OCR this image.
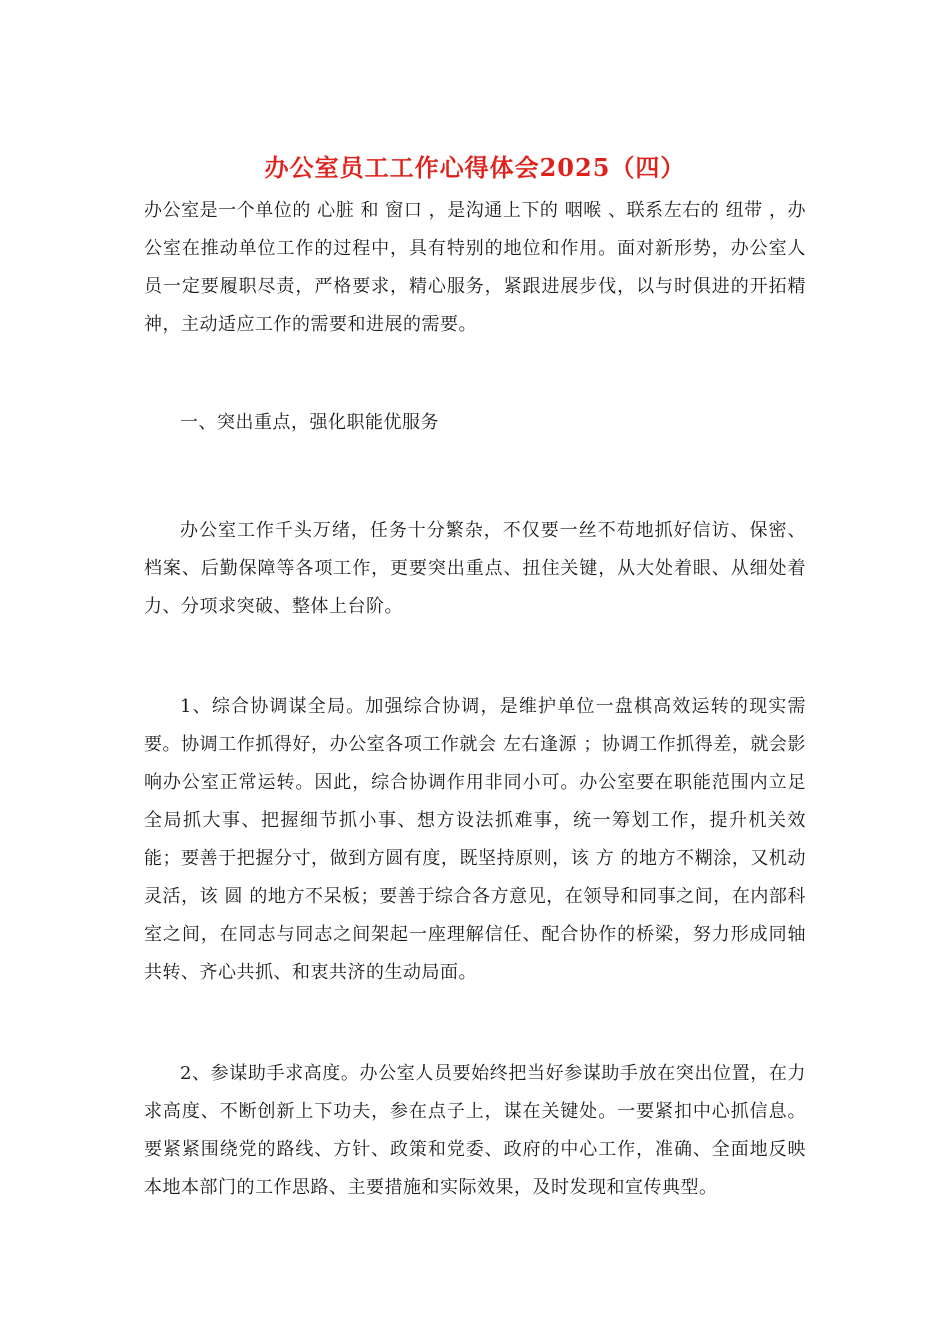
办公室员工工作心得体会2025（四）

办公室是一个单位的 心脏 和 窗口 ，是沟通上下的 咽喉 、联系左右的 纽带 ，办公室在推动单位工作的过程中，具有特别的地位和作用。面对新形势，办公室人员一定要履职尽责，严格要求，精心服务，紧跟进展步伐，以与时俱进的开拓精神，主动适应工作的需要和进展的需要。

一、突出重点，强化职能优服务

办公室工作千头万绪，任务十分繁杂，不仅要一丝不苟地抓好信访、保密、档案、后勤保障等各项工作，更要突出重点、扭住关键，从大处着眼、从细处着力、分项求突破、整体上台阶。

1、综合协调谋全局。加强综合协调，是维护单位一盘棋高效运转的现实需要。协调工作抓得好，办公室各项工作就会 左右逢源 ；协调工作抓得差，就会影响办公室正常运转。因此，综合协调作用非同小可。办公室要在职能范围内立足全局抓大事、把握细节抓小事、想方设法抓难事，统一筹划工作，提升机关效能；要善于把握分寸，做到方圆有度，既坚持原则，该 方 的地方不糊涂，又机动灵活，该 圆 的地方不呆板；要善于综合各方意见，在领导和同事之间，在内部科室之间，在同志与同志之间架起一座理解信任、配合协作的桥梁，努力形成同轴共转、齐心共抓、和衷共济的生动局面。

2、参谋助手求高度。办公室人员要始终把当好参谋助手放在突出位置，在力求高度、不断创新上下功夫，参在点子上，谋在关键处。一要紧扣中心抓信息。要紧紧围绕党的路线、方针、政策和党委、政府的中心工作，准确、全面地反映本地本部门的工作思路、主要措施和实际效果，及时发现和宣传典型。
